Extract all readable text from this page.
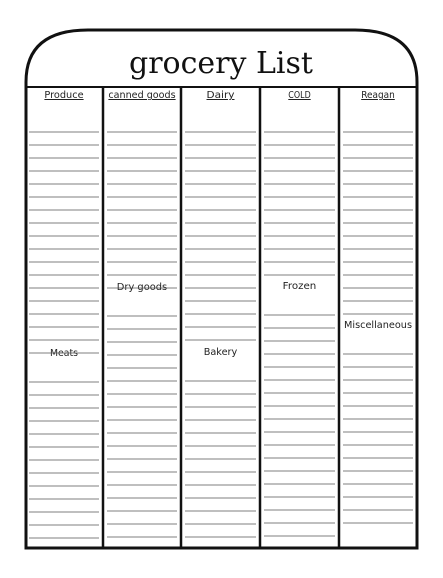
grocery List
Produce
Meats
canned goods
Dry goods
Dairy
Bakery
COLD
Frozen
Reagan
Miscellaneous
